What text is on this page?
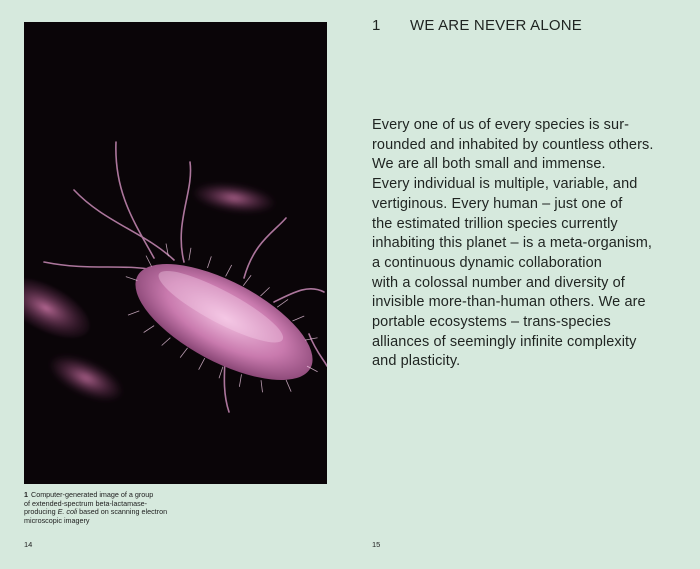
1 Computer-generated image of a group
of extended-spectrum beta-lactamase-
producing E. coli based on scanning electron
microscopic imagery
14
1 WE ARE NEVER ALONE
Every one of us of every species is sur-
rounded and inhabited by countless others.
We are all both small and immense.
Every individual is multiple, variable, and
vertiginous. Every human – just one of
the estimated trillion species currently
inhabiting this planet – is a meta-organism,
a continuous dynamic collaboration
with a colossal number and diversity of
invisible more-than-human others. We are
portable ecosystems – trans-species
alliances of seemingly infinite complexity
and plasticity.
15
